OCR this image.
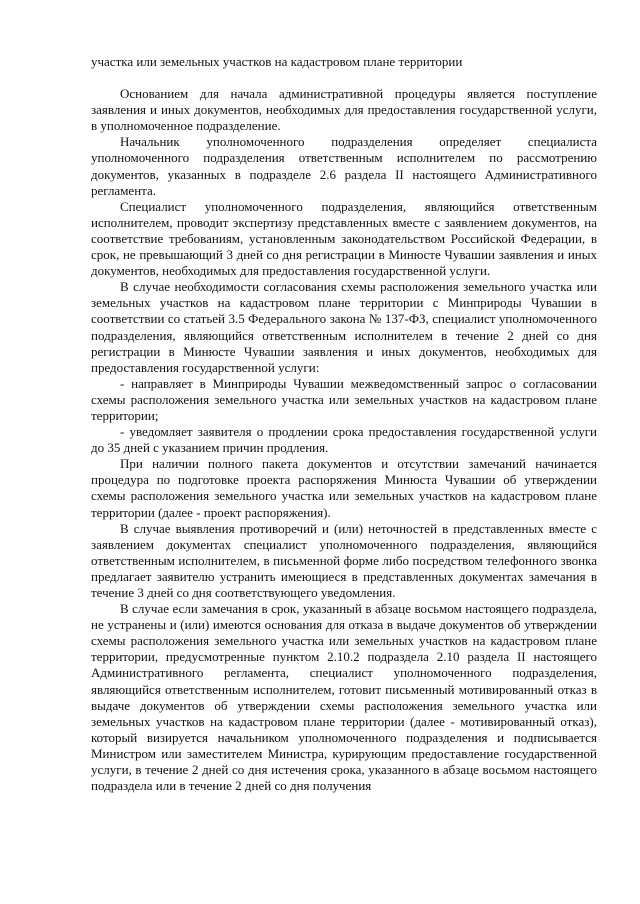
участка или земельных участков на кадастровом плане территории

Основанием для начала административной процедуры является поступление заявления и иных документов, необходимых для предоставления государственной услуги, в уполномоченное подразделение.

Начальник уполномоченного подразделения определяет специалиста уполномоченного подразделения ответственным исполнителем по рассмотрению документов, указанных в подразделе 2.6 раздела II настоящего Административного регламента.

Специалист уполномоченного подразделения, являющийся ответственным исполнителем, проводит экспертизу представленных вместе с заявлением документов, на соответствие требованиям, установленным законодательством Российской Федерации, в срок, не превышающий 3 дней со дня регистрации в Минюсте Чувашии заявления и иных документов, необходимых для предоставления государственной услуги.

В случае необходимости согласования схемы расположения земельного участка или земельных участков на кадастровом плане территории с Минприроды Чувашии в соответствии со статьей 3.5 Федерального закона № 137-ФЗ, специалист уполномоченного подразделения, являющийся ответственным исполнителем в течение 2 дней со дня регистрации в Минюсте Чувашии заявления и иных документов, необходимых для предоставления государственной услуги:

- направляет в Минприроды Чувашии межведомственный запрос о согласовании схемы расположения земельного участка или земельных участков на кадастровом плане территории;

- уведомляет заявителя о продлении срока предоставления государственной услуги до 35 дней с указанием причин продления.

При наличии полного пакета документов и отсутствии замечаний начинается процедура по подготовке проекта распоряжения Минюста Чувашии об утверждении схемы расположения земельного участка или земельных участков на кадастровом плане территории (далее - проект распоряжения).

В случае выявления противоречий и (или) неточностей в представленных вместе с заявлением документах специалист уполномоченного подразделения, являющийся ответственным исполнителем, в письменной форме либо посредством телефонного звонка предлагает заявителю устранить имеющиеся в представленных документах замечания в течение 3 дней со дня соответствующего уведомления.

В случае если замечания в срок, указанный в абзаце восьмом настоящего подраздела, не устранены и (или) имеются основания для отказа в выдаче документов об утверждении схемы расположения земельного участка или земельных участков на кадастровом плане территории, предусмотренные пунктом 2.10.2 подраздела 2.10 раздела II настоящего Административного регламента, специалист уполномоченного подразделения, являющийся ответственным исполнителем, готовит письменный мотивированный отказ в выдаче документов об утверждении схемы расположения земельного участка или земельных участков на кадастровом плане территории (далее - мотивированный отказ), который визируется начальником уполномоченного подразделения и подписывается Министром или заместителем Министра, курирующим предоставление государственной услуги, в течение 2 дней со дня истечения срока, указанного в абзаце восьмом настоящего подраздела или в течение 2 дней со дня получения
